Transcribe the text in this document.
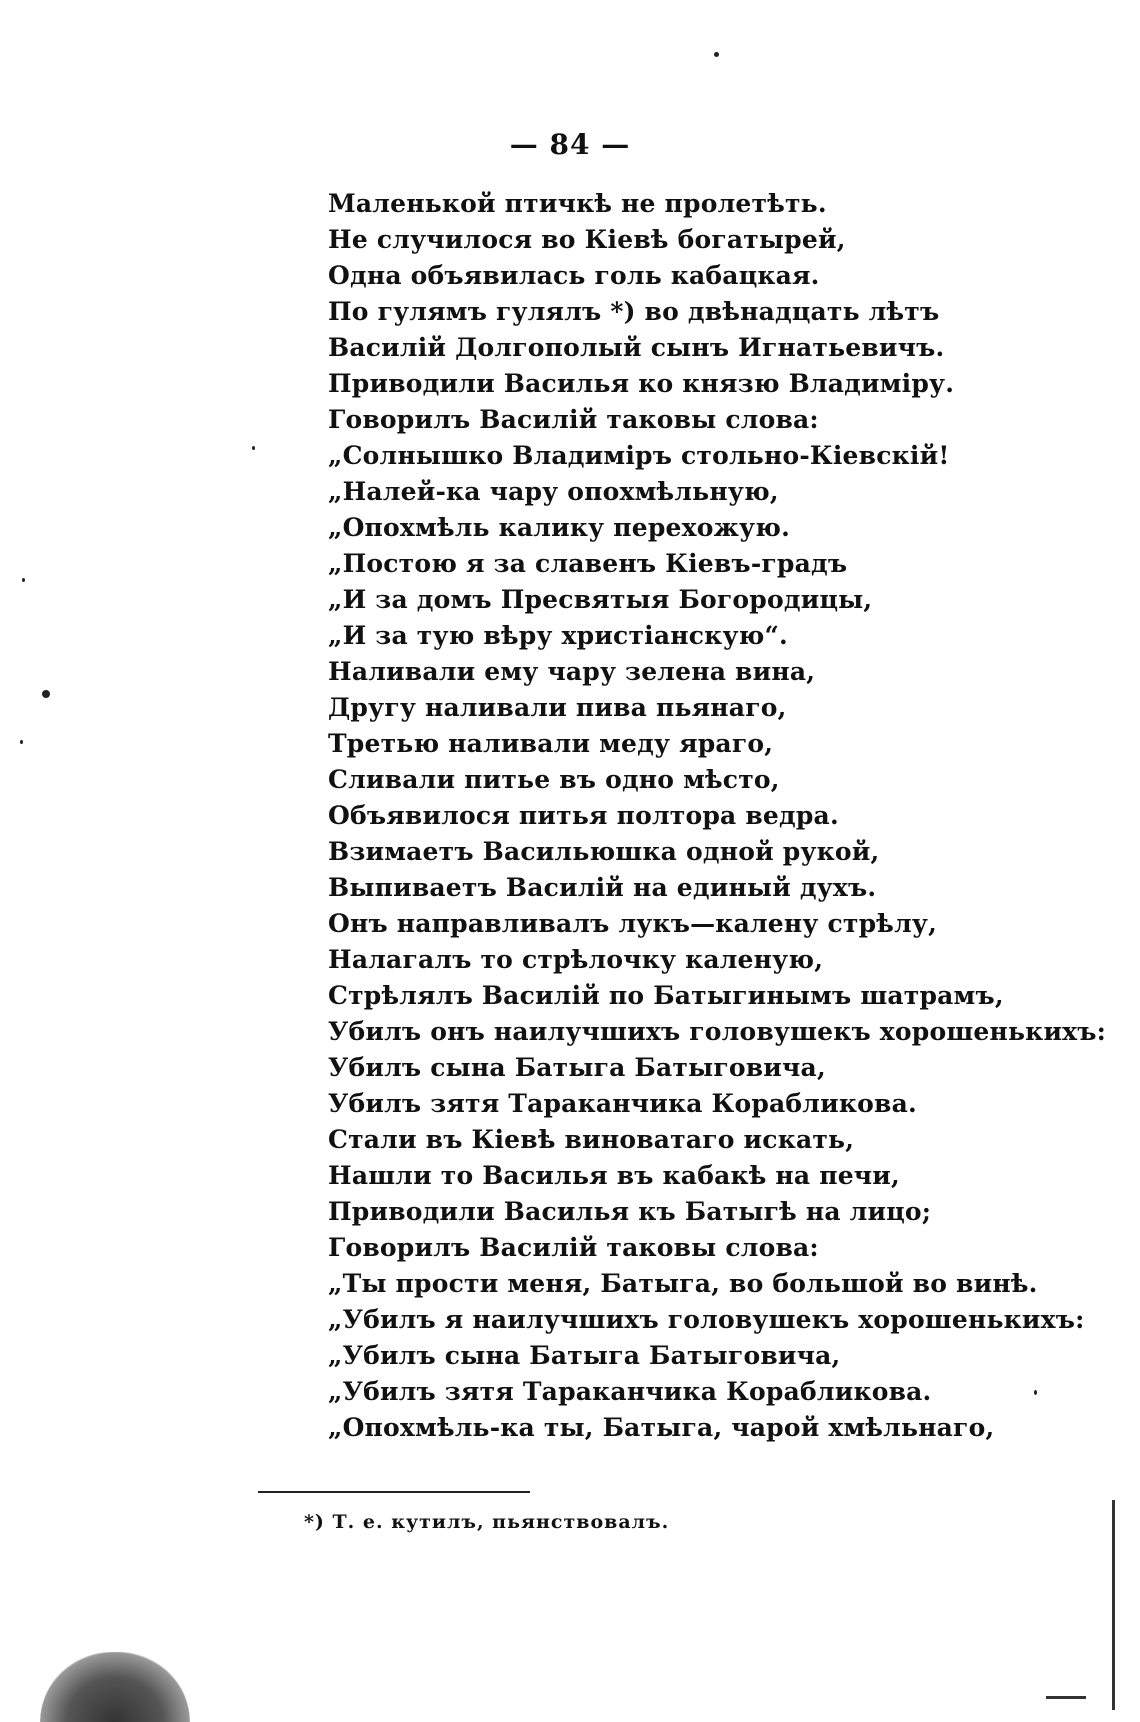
— 84 —
Маленькой птичкѣ не пролетѣть.
Не случилося во Кіевѣ богатырей,
Одна объявилась голь кабацкая.
По гулямъ гулялъ *) во двѣнадцать лѣтъ
Василій Долгополый сынъ Игнатьевичъ.
Приводили Василья ко князю Владиміру.
Говорилъ Василій таковы слова:
„Солнышко Владиміръ стольно-Кіевскій!
„Налей-ка чару опохмѣльную,
„Опохмѣль калику перехожую.
„Постою я за славенъ Кіевъ-градъ
„И за домъ Пресвятыя Богородицы,
„И за тую вѣру христіанскую“.
Наливали ему чару зелена вина,
Другу наливали пива пьянаго,
Третью наливали меду яраго,
Сливали питье въ одно мѣсто,
Объявилося питья полтора ведра.
Взимаетъ Васильюшка одной рукой,
Выпиваетъ Василій на единый духъ.
Онъ направливалъ лукъ—калену стрѣлу,
Налагалъ то стрѣлочку каленую,
Стрѣлялъ Василій по Батыгинымъ шатрамъ,
Убилъ онъ наилучшихъ головушекъ хорошенькихъ:
Убилъ сына Батыга Батыговича,
Убилъ зятя Тараканчика Корабликова.
Стали въ Кіевѣ виноватаго искать,
Нашли то Василья въ кабакѣ на печи,
Приводили Василья къ Батыгѣ на лицо;
Говорилъ Василій таковы слова:
„Ты прости меня, Батыга, во большой во винѣ.
„Убилъ я наилучшихъ головушекъ хорошенькихъ:
„Убилъ сына Батыга Батыговича,
„Убилъ зятя Тараканчика Корабликова.
„Опохмѣль-ка ты, Батыга, чарой хмѣльнаго,
*) Т. е. кутилъ, пьянствовалъ.
